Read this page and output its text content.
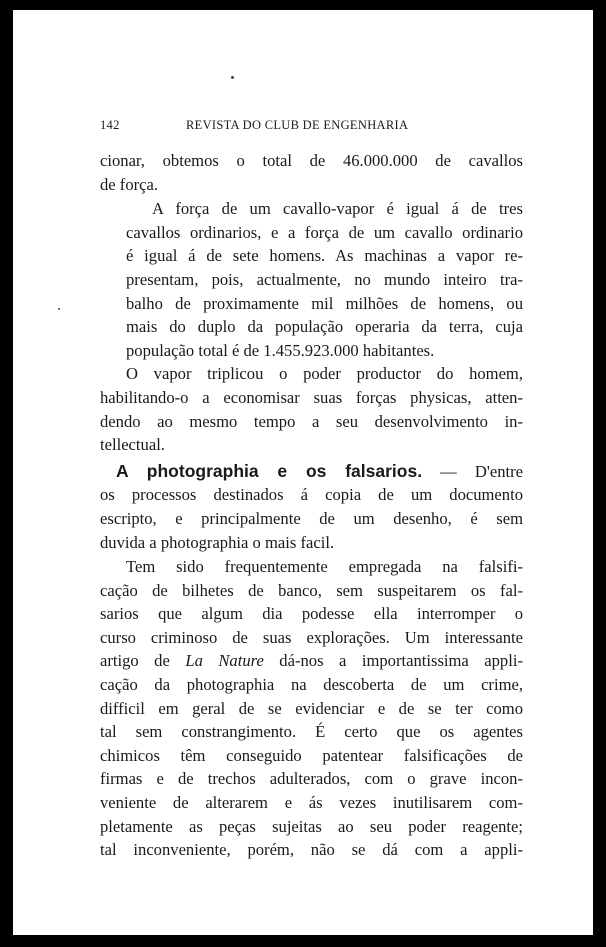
142	REVISTA DO CLUB DE ENGENHARIA

cionar, obtemos o total de 46.000.000 de cavallos
de força.

A força de um cavallo-vapor é igual á de tres
cavallos ordinarios, e a força de um cavallo ordinario
é igual á de sete homens. As machinas a vapor re-
presentam, pois, actualmente, no mundo inteiro tra-
balho de proximamente mil milhões de homens, ou
mais do duplo da população operaria da terra, cuja
população total é de 1.455.923.000 habitantes.

O vapor triplicou o poder productor do homem,
habilitando-o a economisar suas forças physicas, atten-
dendo ao mesmo tempo a seu desenvolvimento in-
tellectual.

A photographia e os falsarios. — D'entre
os processos destinados á copia de um documento
escripto, e principalmente de um desenho, é sem
duvida a photographia o mais facil.

Tem sido frequentemente empregada na falsifi-
cação de bilhetes de banco, sem suspeitarem os fal-
sarios que algum dia podesse ella interromper o
curso criminoso de suas explorações. Um interessante
artigo de La Nature dá-nos a importantissima appli-
cação da photographia na descoberta de um crime,
difficil em geral de se evidenciar e de se ter como
tal sem constrangimento. É certo que os agentes
chimicos têm conseguido patentear falsificações de
firmas e de trechos adulterados, com o grave incon-
veniente de alterarem e ás vezes inutilisarem com-
pletamente as peças sujeitas ao seu poder reagente;
tal inconveniente, porém, não se dá com a appli-
